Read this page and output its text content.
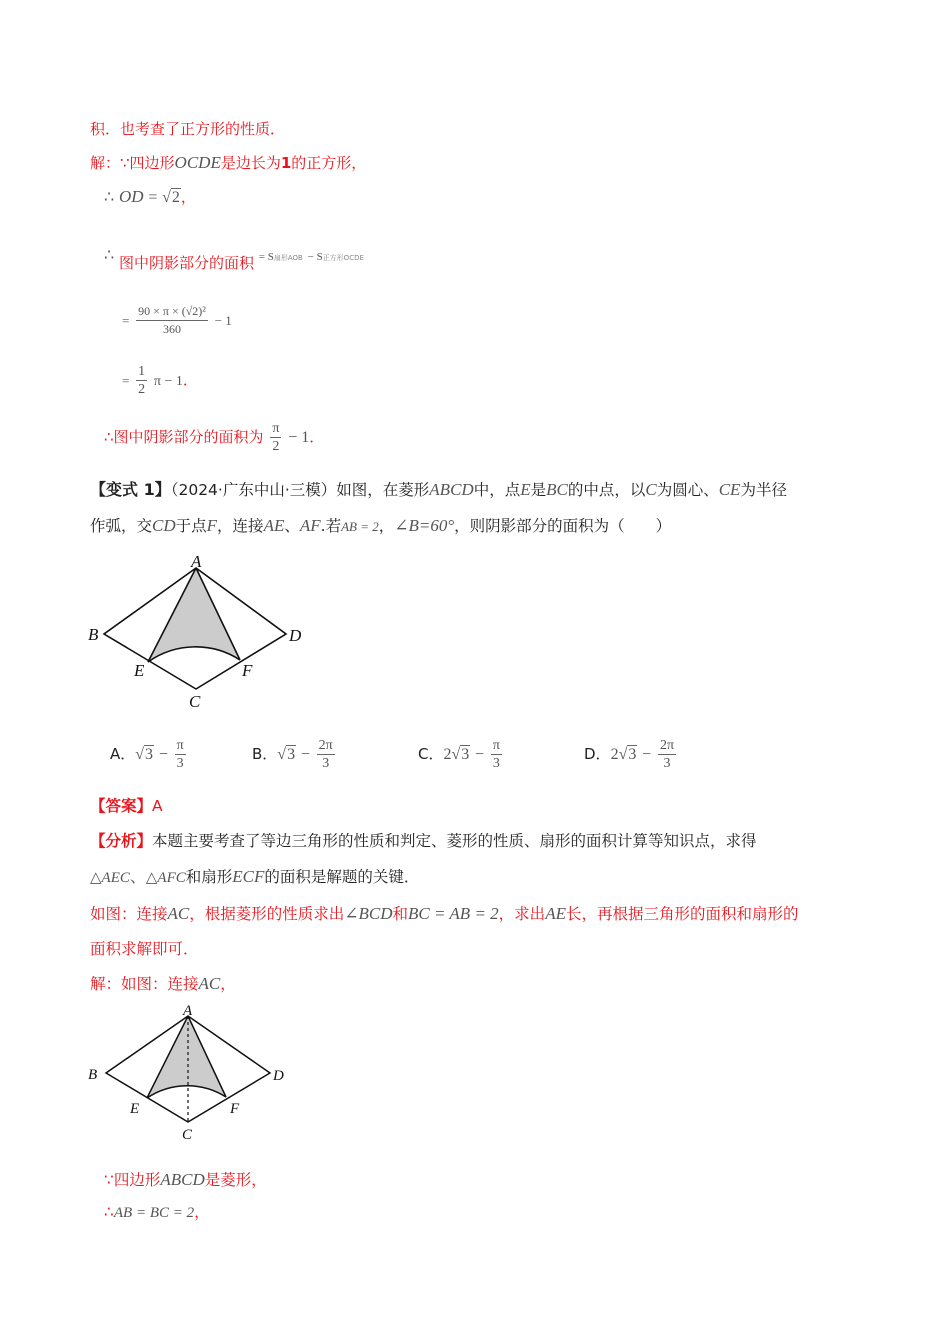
积．也考查了正方形的性质．
解：∵四边形OCDE是边长为1的正方形，
∴ OD = √2，
∴ 图中阴影部分的面积 = S扇形AOB − S正方形OCDE
= $\frac{\text{90 × π × (√2)²}}{360} - 1$
= $\frac{1}{2}$ π − 1．
∴图中阴影部分的面积为 $\frac{\pi}{2} - 1$．
【变式 1】（2024·广东中山·三模）如图，在菱形ABCD中，点E是BC的中点，以C为圆心、CE为半径
作弧，交CD于点F，连接AE、AF.若AB = 2，∠B=60°，则阴影部分的面积为（　　）
A
B
C
D
E	F
A．$√3 - \frac{\pi}{3}$	B．$√3 - \frac{2\pi}{3}$	C．$2√3 - \frac{\pi}{3}$	D．$2√3 - \frac{2\pi}{3}$
【答案】A
【分析】本题主要考查了等边三角形的性质和判定、菱形的性质、扇形的面积计算等知识点，求得
△AEC、△AFC和扇形ECF的面积是解题的关键．
如图：连接AC，根据菱形的性质求出∠BCD和BC = AB = 2，求出AE长，再根据三角形的面积和扇形的
面积求解即可．
解：如图：连接AC，
A
B
C
D
E	F
∵四边形ABCD是菱形，
∴AB = BC = 2，
